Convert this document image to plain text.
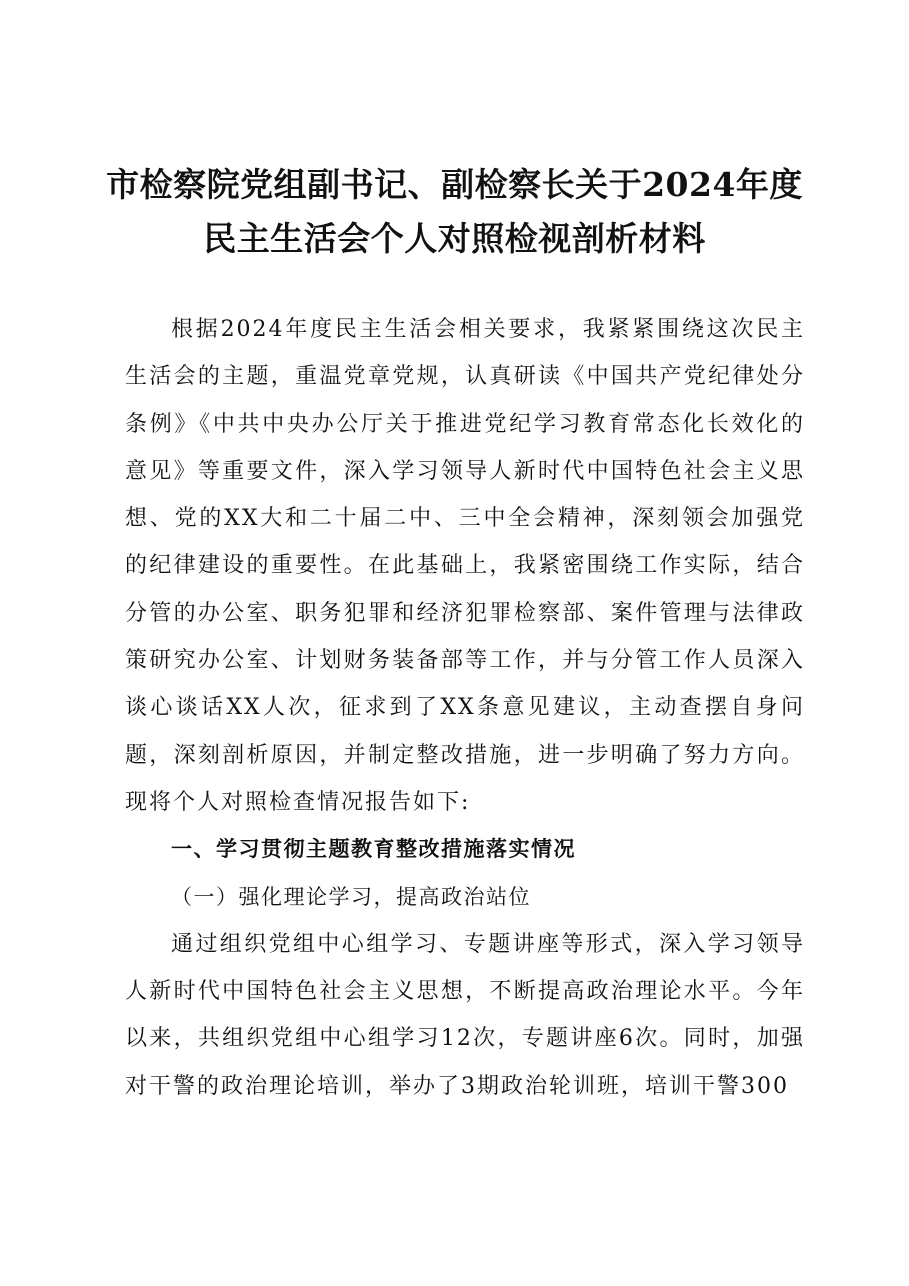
市检察院党组副书记、副检察长关于2024年度
民主生活会个人对照检视剖析材料

根据2024年度民主生活会相关要求，我紧紧围绕这次民主生活会的主题，重温党章党规，认真研读《中国共产党纪律处分条例》《中共中央办公厅关于推进党纪学习教育常态化长效化的意见》等重要文件，深入学习领导人新时代中国特色社会主义思想、党的XX大和二十届二中、三中全会精神，深刻领会加强党的纪律建设的重要性。在此基础上，我紧密围绕工作实际，结合分管的办公室、职务犯罪和经济犯罪检察部、案件管理与法律政策研究办公室、计划财务装备部等工作，并与分管工作人员深入谈心谈话XX人次，征求到了XX条意见建议，主动查摆自身问题，深刻剖析原因，并制定整改措施，进一步明确了努力方向。现将个人对照检查情况报告如下:

一、学习贯彻主题教育整改措施落实情况

（一）强化理论学习，提高政治站位

通过组织党组中心组学习、专题讲座等形式，深入学习领导人新时代中国特色社会主义思想，不断提高政治理论水平。今年以来，共组织党组中心组学习12次，专题讲座6次。同时，加强对干警的政治理论培训，举办了3期政治轮训班，培训干警300
